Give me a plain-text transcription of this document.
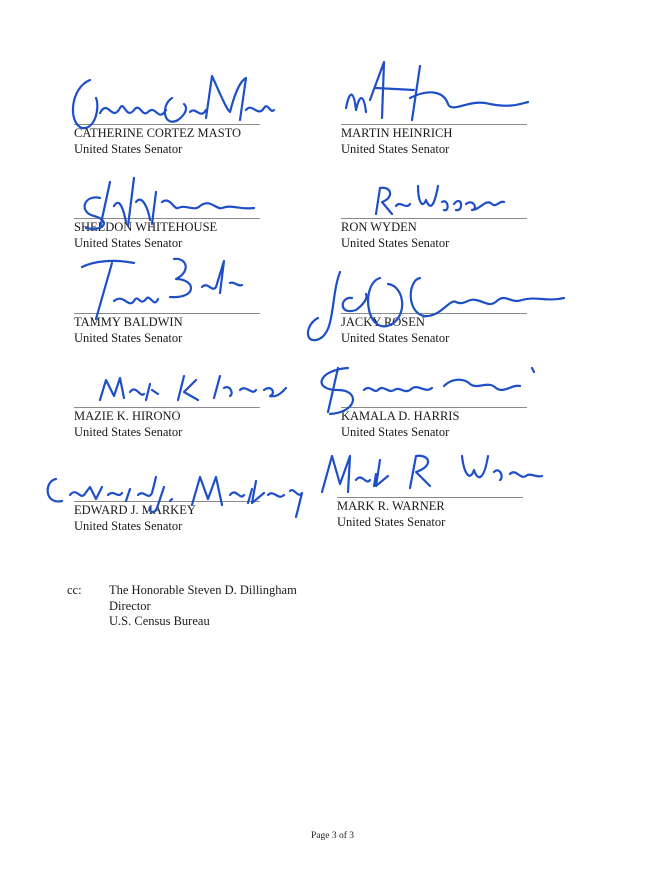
CATHERINE CORTEZ MASTO
United States Senator
MARTIN HEINRICH
United States Senator
SHELDON WHITEHOUSE
United States Senator
RON WYDEN
United States Senator
TAMMY BALDWIN
United States Senator
JACKY ROSEN
United States Senator
MAZIE K. HIRONO
United States Senator
KAMALA D. HARRIS
United States Senator
EDWARD J. MARKEY
United States Senator
MARK R. WARNER
United States Senator
cc: The Honorable Steven D. Dillingham
Director
U.S. Census Bureau
Page 3 of 3
